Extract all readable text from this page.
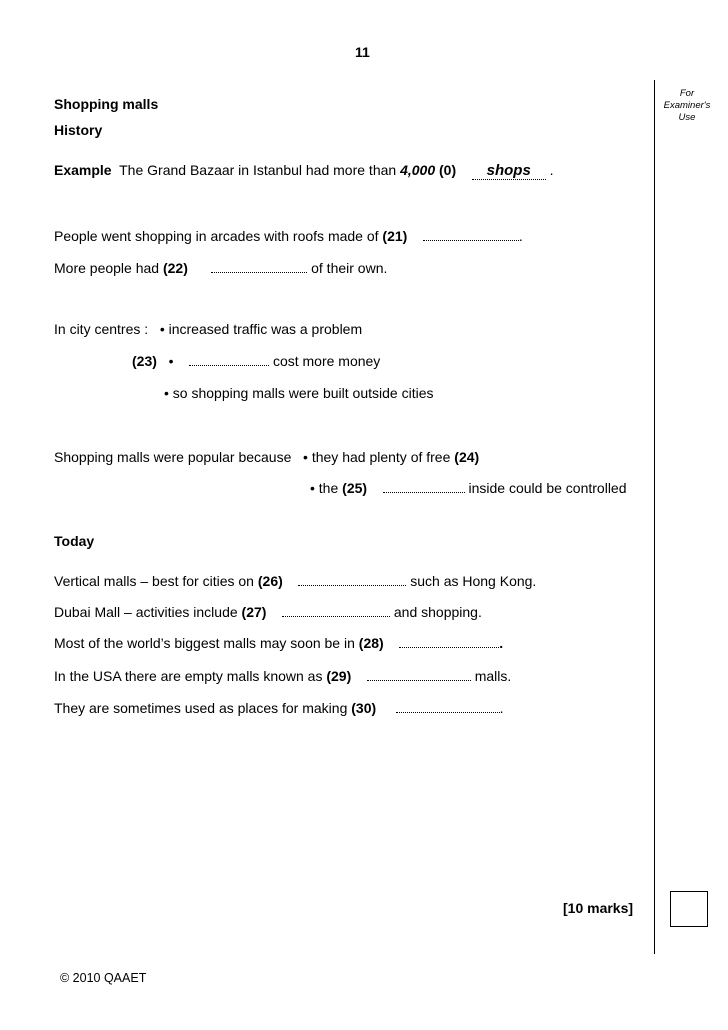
11
For
Examiner's
Use
Shopping malls
History
Example The Grand Bazaar in Istanbul had more than 4,000 (0) shops .
People went shopping in arcades with roofs made of (21)	.
More people had (22)	of their own.
In city centres : • increased traffic was a problem
(23) •	cost more money
• so shopping malls were built outside cities
Shopping malls were popular because • they had plenty of free (24)
• the (25)	inside could be controlled
Today
Vertical malls – best for cities on (26)	such as Hong Kong.
Dubai Mall – activities include (27)	and shopping.
Most of the world’s biggest malls may soon be in (28)	.
In the USA there are empty malls known as (29)	malls.
They are sometimes used as places for making (30)	.
[10 marks]
© 2010 QAAET
